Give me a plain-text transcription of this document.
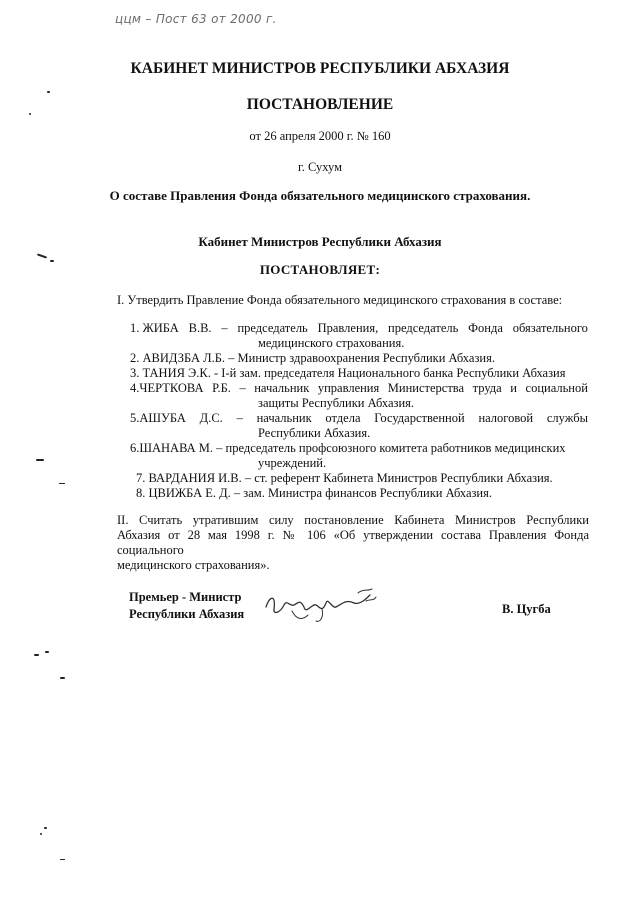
ццм – Пост 63 от 2000 г.
КАБИНЕТ МИНИСТРОВ РЕСПУБЛИКИ АБХАЗИЯ
ПОСТАНОВЛЕНИЕ
от 26 апреля 2000 г. № 160
г. Сухум
О составе Правления Фонда обязательного медицинского страхования.
Кабинет Министров Республики Абхазия
ПОСТАНОВЛЯЕТ:
I. Утвердить Правление Фонда обязательного медицинского страхования в составе:
1. ЖИБА В.В. – председатель Правления, председатель Фонда обязательного
медицинского страхования.
2. АВИДЗБА Л.Б. – Министр здравоохранения Республики Абхазия.
3. ТАНИЯ Э.К. - I-й зам. председателя Национального банка Республики Абхазия
4.ЧЕРТКОВА Р.Б. – начальник управления Министерства труда и социальной
защиты Республики Абхазия.
5.АШУБА Д.С. – начальник отдела Государственной налоговой службы
Республики Абхазия.
6.ШАНАВА М. – председатель профсоюзного комитета работников медицинских
учреждений.
7. ВАРДАНИЯ И.В. – ст. референт Кабинета Министров Республики Абхазия.
8. ЦВИЖБА Е. Д. – зам. Министра финансов Республики Абхазия.
II. Считать утратившим силу постановление Кабинета Министров Республики
Абхазия от 28 мая 1998 г. № 106 «Об утверждении состава Правления Фонда социального
медицинского страхования».
Премьер - Министр
Республики Абхазия	В. Цугба
